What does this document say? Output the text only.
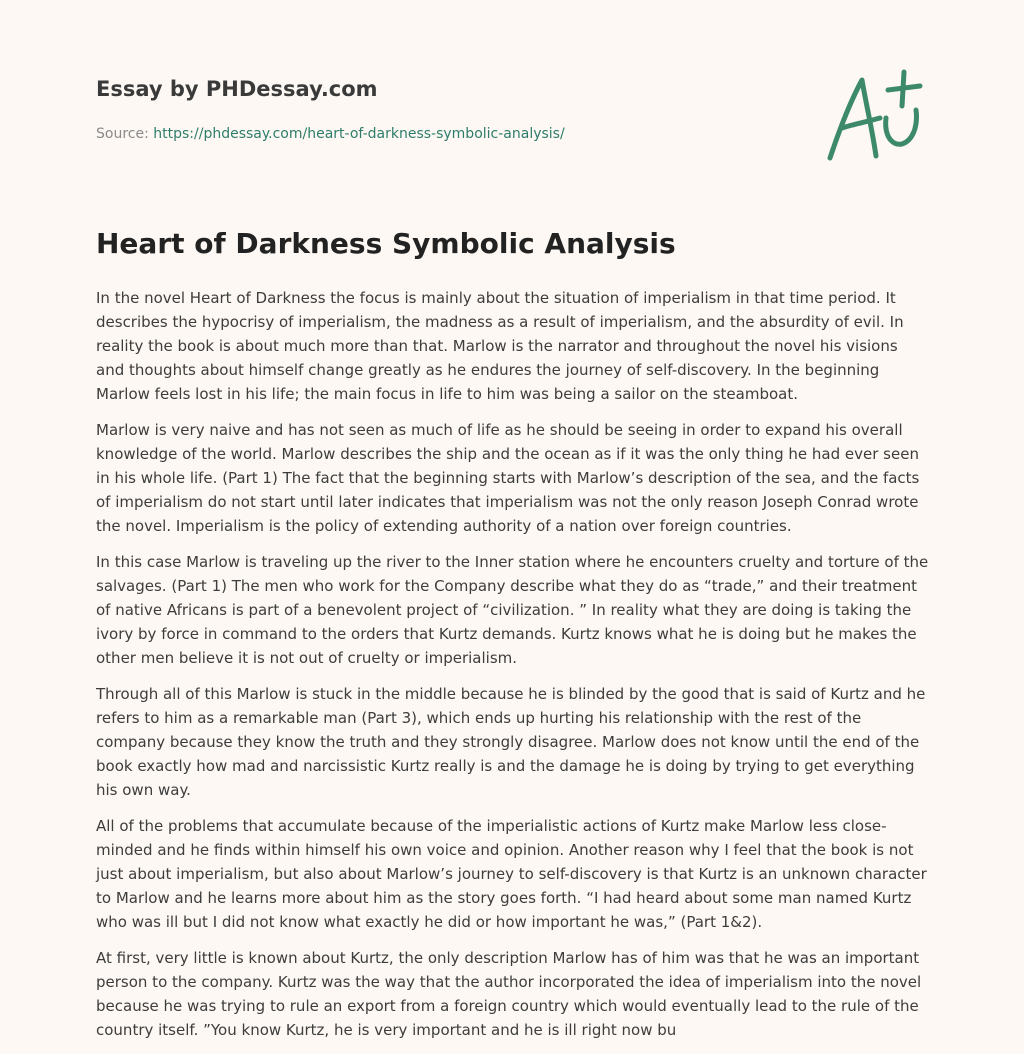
Essay by PHDessay.com
Source: https://phdessay.com/heart-of-darkness-symbolic-analysis/
Heart of Darkness Symbolic Analysis

In the novel Heart of Darkness the focus is mainly about the situation of imperialism in that time period. It describes the hypocrisy of imperialism, the madness as a result of imperialism, and the absurdity of evil. In reality the book is about much more than that. Marlow is the narrator and throughout the novel his visions and thoughts about himself change greatly as he endures the journey of self-discovery. In the beginning Marlow feels lost in his life; the main focus in life to him was being a sailor on the steamboat.

Marlow is very naive and has not seen as much of life as he should be seeing in order to expand his overall knowledge of the world. Marlow describes the ship and the ocean as if it was the only thing he had ever seen in his whole life. (Part 1) The fact that the beginning starts with Marlow’s description of the sea, and the facts of imperialism do not start until later indicates that imperialism was not the only reason Joseph Conrad wrote the novel. Imperialism is the policy of extending authority of a nation over foreign countries.

In this case Marlow is traveling up the river to the Inner station where he encounters cruelty and torture of the salvages. (Part 1) The men who work for the Company describe what they do as “trade,” and their treatment of native Africans is part of a benevolent project of “civilization. ” In reality what they are doing is taking the ivory by force in command to the orders that Kurtz demands. Kurtz knows what he is doing but he makes the other men believe it is not out of cruelty or imperialism.

Through all of this Marlow is stuck in the middle because he is blinded by the good that is said of Kurtz and he refers to him as a remarkable man (Part 3), which ends up hurting his relationship with the rest of the company because they know the truth and they strongly disagree. Marlow does not know until the end of the book exactly how mad and narcissistic Kurtz really is and the damage he is doing by trying to get everything his own way.

All of the problems that accumulate because of the imperialistic actions of Kurtz make Marlow less close-minded and he finds within himself his own voice and opinion. Another reason why I feel that the book is not just about imperialism, but also about Marlow’s journey to self-discovery is that Kurtz is an unknown character to Marlow and he learns more about him as the story goes forth. “I had heard about some man named Kurtz who was ill but I did not know what exactly he did or how important he was,” (Part 1&2).

At first, very little is known about Kurtz, the only description Marlow has of him was that he was an important person to the company. Kurtz was the way that the author incorporated the idea of imperialism into the novel because he was trying to rule an export from a foreign country which would eventually lead to the rule of the country itself. ”You know Kurtz, he is very important and he is ill right now bu
